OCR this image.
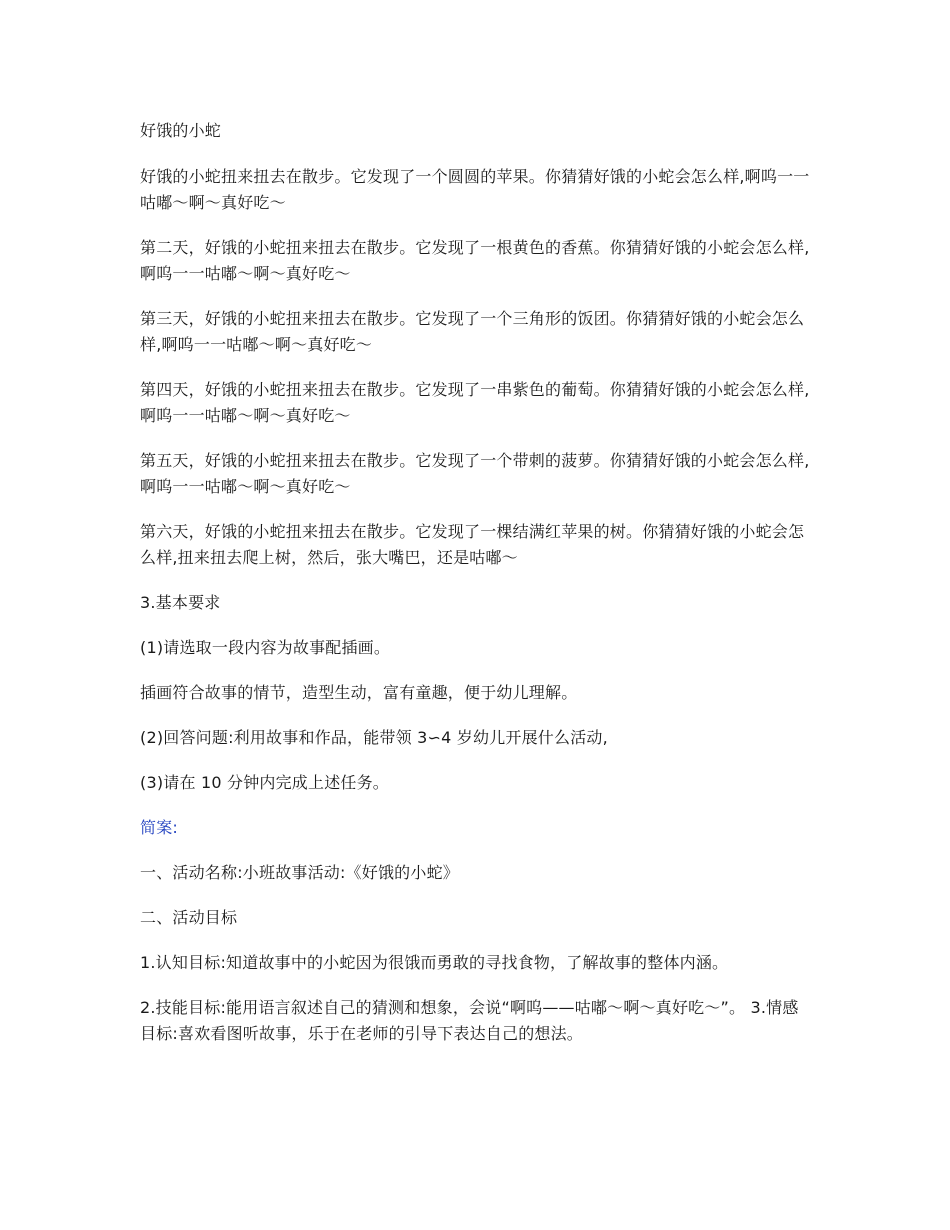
好饿的小蛇

好饿的小蛇扭来扭去在散步。它发现了一个圆圆的苹果。你猜猜好饿的小蛇会怎么样,啊呜一一咕嘟～啊～真好吃～

第二天，好饿的小蛇扭来扭去在散步。它发现了一根黄色的香蕉。你猜猜好饿的小蛇会怎么样,啊呜一一咕嘟～啊～真好吃～

第三天，好饿的小蛇扭来扭去在散步。它发现了一个三角形的饭团。你猜猜好饿的小蛇会怎么样,啊呜一一咕嘟～啊～真好吃～

第四天，好饿的小蛇扭来扭去在散步。它发现了一串紫色的葡萄。你猜猜好饿的小蛇会怎么样,啊呜一一咕嘟～啊～真好吃～

第五天，好饿的小蛇扭来扭去在散步。它发现了一个带刺的菠萝。你猜猜好饿的小蛇会怎么样,啊呜一一咕嘟～啊～真好吃～

第六天，好饿的小蛇扭来扭去在散步。它发现了一棵结满红苹果的树。你猜猜好饿的小蛇会怎么样,扭来扭去爬上树，然后，张大嘴巴，还是咕嘟～

3.基本要求

(1)请选取一段内容为故事配插画。

插画符合故事的情节，造型生动，富有童趣，便于幼儿理解。

(2)回答问题:利用故事和作品，能带领 3∽4 岁幼儿开展什么活动,

(3)请在 10 分钟内完成上述任务。

简案:

一、活动名称:小班故事活动:《好饿的小蛇》

二、活动目标

1.认知目标:知道故事中的小蛇因为很饿而勇敢的寻找食物，了解故事的整体内涵。

2.技能目标:能用语言叙述自己的猜测和想象，会说“啊呜——咕嘟～啊～真好吃～”。 3.情感目标:喜欢看图听故事，乐于在老师的引导下表达自己的想法。
